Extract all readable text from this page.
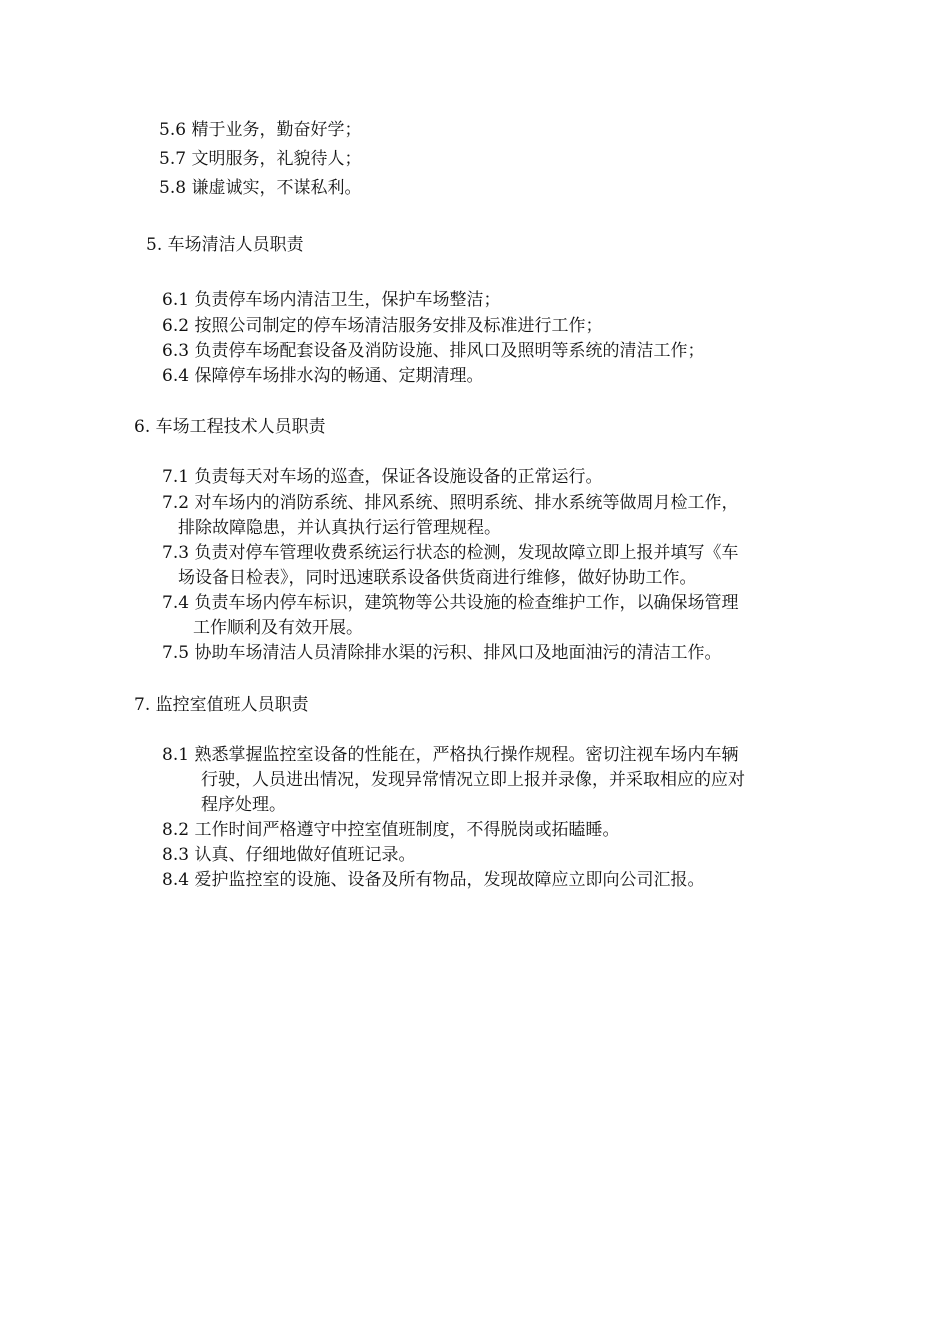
5.6 精于业务，勤奋好学；
5.7 文明服务，礼貌待人；
5.8 谦虚诚实，不谋私利。
5. 车场清洁人员职责
6.1 负责停车场内清洁卫生，保护车场整洁；
6.2 按照公司制定的停车场清洁服务安排及标准进行工作；
6.3 负责停车场配套设备及消防设施、排风口及照明等系统的清洁工作；
6.4 保障停车场排水沟的畅通、定期清理。
6. 车场工程技术人员职责
7.1 负责每天对车场的巡查，保证各设施设备的正常运行。
7.2 对车场内的消防系统、排风系统、照明系统、排水系统等做周月检工作，
排除故障隐患，并认真执行运行管理规程。
7.3 负责对停车管理收费系统运行状态的检测，发现故障立即上报并填写《车
场设备日检表》，同时迅速联系设备供货商进行维修，做好协助工作。
7.4 负责车场内停车标识，建筑物等公共设施的检查维护工作，以确保场管理
工作顺利及有效开展。
7.5 协助车场清洁人员清除排水渠的污积、排风口及地面油污的清洁工作。
7. 监控室值班人员职责
8.1 熟悉掌握监控室设备的性能在，严格执行操作规程。密切注视车场内车辆
行驶，人员进出情况，发现异常情况立即上报并录像，并采取相应的应对
程序处理。
8.2 工作时间严格遵守中控室值班制度，不得脱岗或拓瞌睡。
8.3 认真、仔细地做好值班记录。
8.4 爱护监控室的设施、设备及所有物品，发现故障应立即向公司汇报。
